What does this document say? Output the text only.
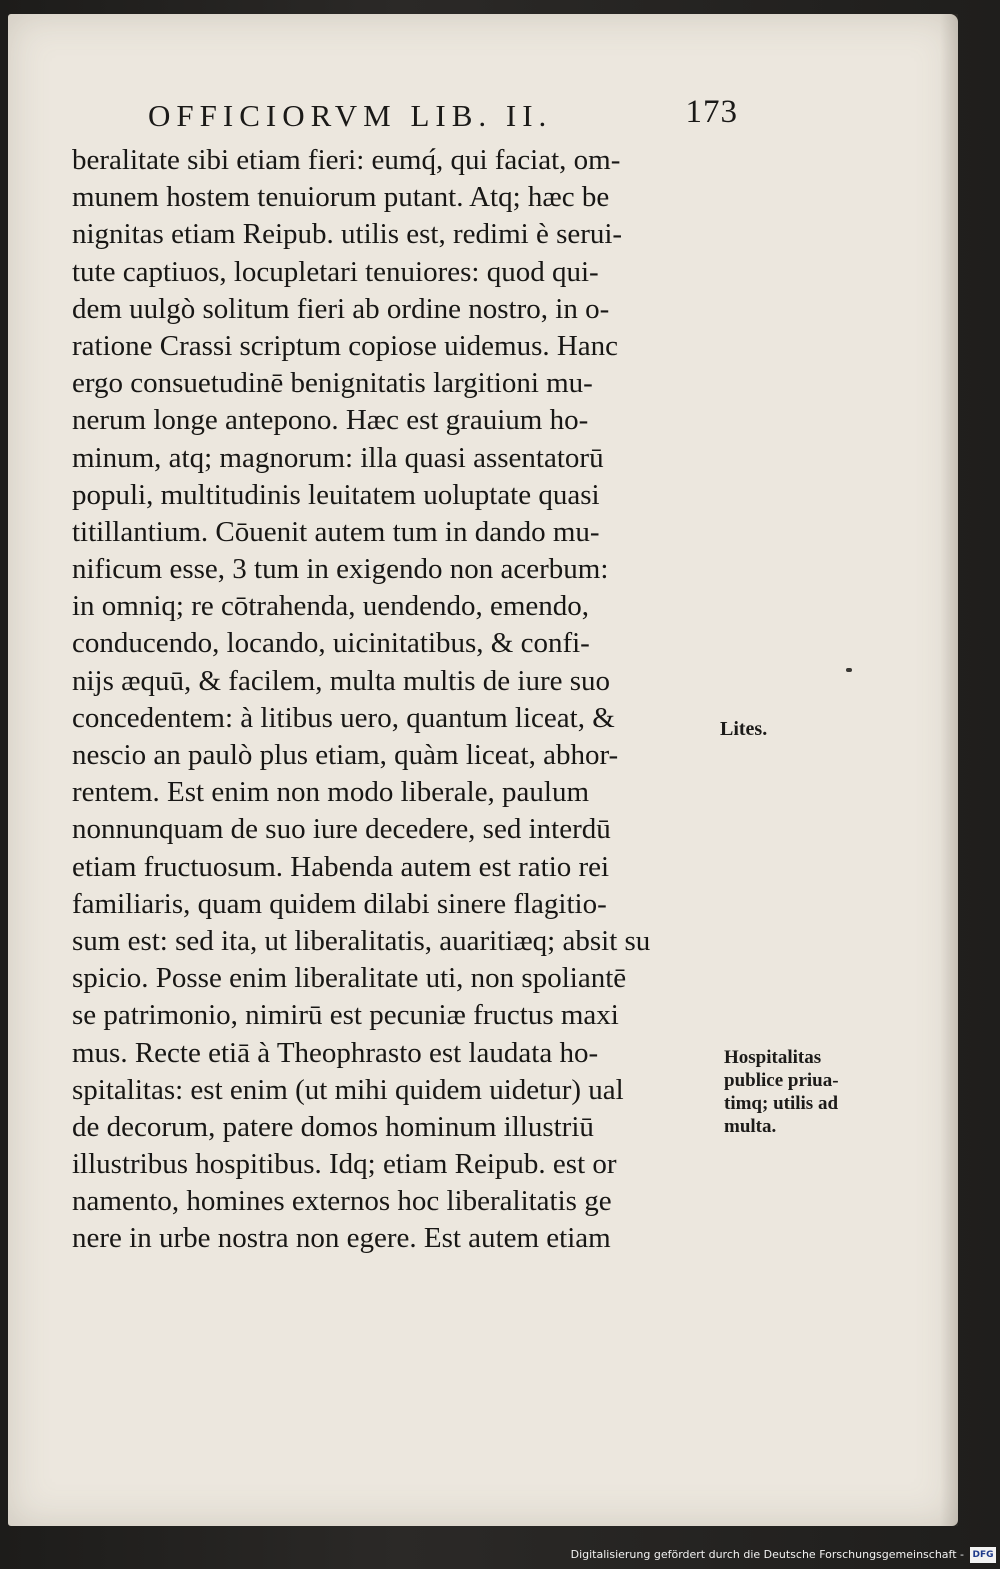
OFFICIORVM LIB. II.	173
beralitate sibi etiam fieri: eumq́, qui faciat, om-
munem hostem tenuiorum putant. Atq; hæc be
nignitas etiam Reipub. utilis est, redimi è serui-
tute captiuos, locupletari tenuiores: quod qui-
dem uulgò solitum fieri ab ordine nostro, in o-
ratione Crassi scriptum copiose uidemus. Hanc
ergo consuetudinē benignitatis largitioni mu-
nerum longe antepono. Hæc est grauium ho-
minum, atq; magnorum: illa quasi assentatorū
populi, multitudinis leuitatem uoluptate quasi
titillantium. Cōuenit autem tum in dando mu-
nificum esse, 3 tum in exigendo non acerbum:
in omniq; re cōtrahenda, uendendo, emendo,
conducendo, locando, uicinitatibus, & confi-
nijs æquū, & facilem, multa multis de iure suo
concedentem: à litibus uero, quantum liceat, &
nescio an paulò plus etiam, quàm liceat, abhor-
rentem. Est enim non modo liberale, paulum
nonnunquam de suo iure decedere, sed interdū
etiam fructuosum. Habenda autem est ratio rei
familiaris, quam quidem dilabi sinere flagitio-
sum est: sed ita, ut liberalitatis, auaritiæq; absit su
spicio. Posse enim liberalitate uti, non spoliantē
se patrimonio, nimirū est pecuniæ fructus maxi
mus. Recte etiā à Theophrasto est laudata ho-
spitalitas: est enim (ut mihi quidem uidetur) ual
de decorum, patere domos hominum illustriū
illustribus hospitibus. Idq; etiam Reipub. est or
namento, homines externos hoc liberalitatis ge
nere in urbe nostra non egere. Est autem etiam
Lites.
Hospitalitas
publice priua-
timq; utilis ad
multa.
Digitalisierung gefördert durch die Deutsche Forschungsgemeinschaft - DFG
